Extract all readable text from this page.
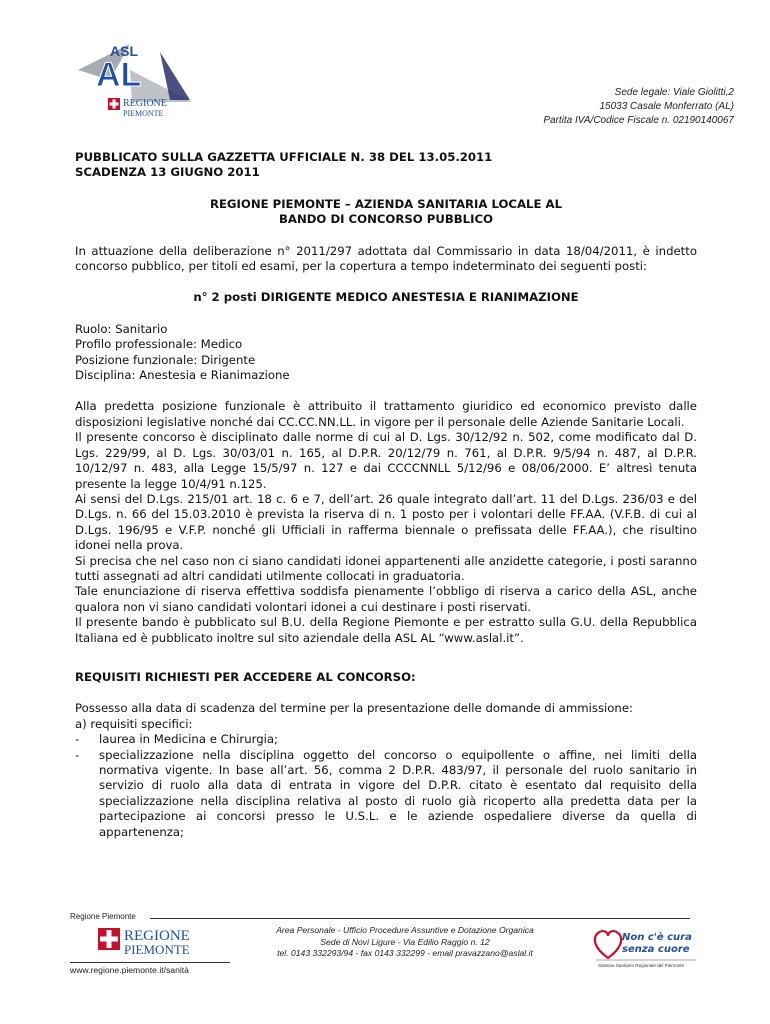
ASL
AL
REGIONE
PIEMONTE
Sede legale: Viale Giolitti,2
15033 Casale Monferrato (AL)
Partita IVA/Codice Fiscale n. 02190140067
PUBBLICATO SULLA GAZZETTA UFFICIALE N. 38 DEL 13.05.2011
SCADENZA 13 GIUGNO 2011
REGIONE PIEMONTE – AZIENDA SANITARIA LOCALE AL
BANDO DI CONCORSO PUBBLICO

In attuazione della deliberazione n° 2011/297 adottata dal Commissario in data 18/04/2011, è indetto concorso pubblico, per titoli ed esami, per la copertura a tempo indeterminato dei seguenti posti:

n° 2 posti DIRIGENTE MEDICO ANESTESIA E RIANIMAZIONE

Ruolo: Sanitario
Profilo professionale: Medico
Posizione funzionale: Dirigente
Disciplina: Anestesia e Rianimazione

Alla predetta posizione funzionale è attribuito il trattamento giuridico ed economico previsto dalle disposizioni legislative nonché dai CC.CC.NN.LL. in vigore per il personale delle Aziende Sanitarie Locali.

Il presente concorso è disciplinato dalle norme di cui al D. Lgs. 30/12/92 n. 502, come modificato dal D. Lgs. 229/99, al D. Lgs. 30/03/01 n. 165, al D.P.R. 20/12/79 n. 761, al D.P.R. 9/5/94 n. 487, al D.P.R. 10/12/97 n. 483, alla Legge 15/5/97 n. 127 e dai CCCCNNLL 5/12/96 e 08/06/2000. E’ altresì tenuta presente la legge 10/4/91 n.125.

Ai sensi del D.Lgs. 215/01 art. 18 c. 6 e 7, dell’art. 26 quale integrato dall’art. 11 del D.Lgs. 236/03 e del D.Lgs. n. 66 del 15.03.2010 è prevista la riserva di n. 1 posto per i volontari delle FF.AA. (V.F.B. di cui al D.Lgs. 196/95 e V.F.P. nonché gli Ufficiali in rafferma biennale o prefissata delle FF.AA.), che risultino idonei nella prova.

Si precisa che nel caso non ci siano candidati idonei appartenenti alle anzidette categorie, i posti saranno tutti assegnati ad altri candidati utilmente collocati in graduatoria.

Tale enunciazione di riserva effettiva soddisfa pienamente l’obbligo di riserva a carico della ASL, anche qualora non vi siano candidati volontari idonei a cui destinare i posti riservati.

Il presente bando è pubblicato sul B.U. della Regione Piemonte e per estratto sulla G.U. della Repubblica Italiana ed è pubblicato inoltre sul sito aziendale della ASL AL “www.aslal.it”.

REQUISITI RICHIESTI PER ACCEDERE AL CONCORSO:

Possesso alla data di scadenza del termine per la presentazione delle domande di ammissione:

a) requisiti specifici:

- laurea in Medicina e Chirurgia;
- specializzazione nella disciplina oggetto del concorso o equipollente o affine, nei limiti della normativa vigente. In base all’art. 56, comma 2 D.P.R. 483/97, il personale del ruolo sanitario in servizio di ruolo alla data di entrata in vigore del D.P.R. citato è esentato dal requisito della specializzazione nella disciplina relativa al posto di ruolo già ricoperto alla predetta data per la partecipazione ai concorsi presso le U.S.L. e le aziende ospedaliere diverse da quella di appartenenza;
Regione Piemonte
REGIONE
PIEMONTE
Area Personale - Ufficio Procedure Assuntive e Dotazione Organica
Sede di Novi Ligure - Via Edilio Raggio n. 12
tel. 0143 332293/94 - fax 0143 332299 - email pravazzano@aslal.it
www.regione.piemonte.it/sanità
Non c'è cura
senza cuore
Sistema Sanitario Regionale del Piemonte
